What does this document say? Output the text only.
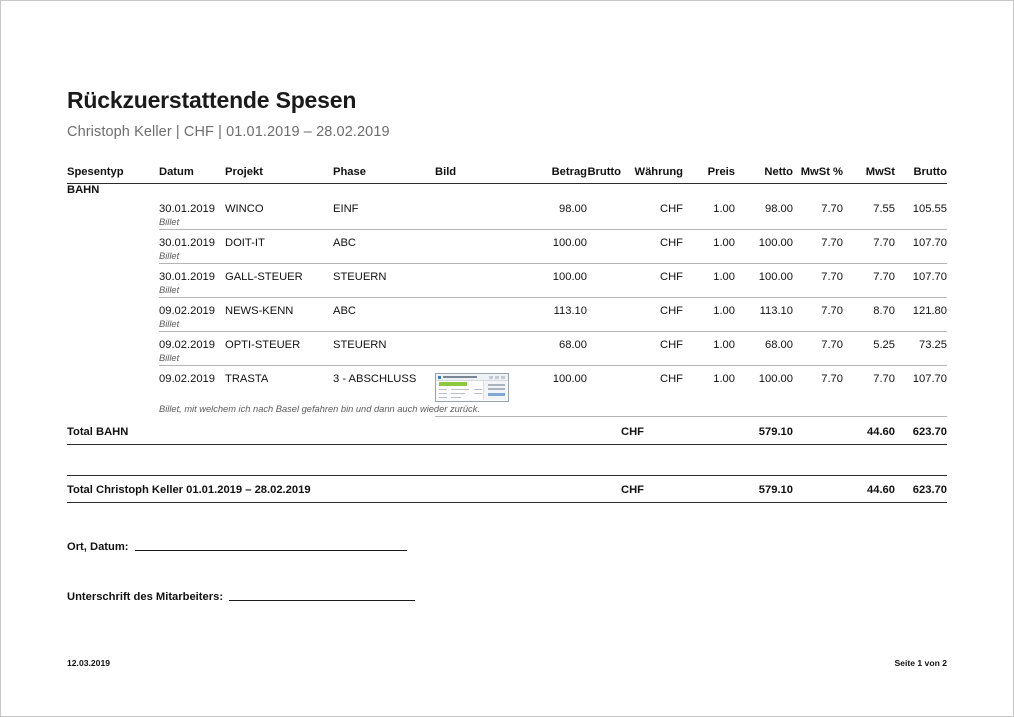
Rückzuerstattende Spesen
Christoph Keller | CHF | 01.01.2019 – 28.02.2019
Spesentyp	Datum	Projekt	Phase	Bild	Betrag	Brutto	Währung	Preis	Netto	MwSt %	MwSt	Brutto
BAHN												
	30.01.2019	WINCO	EINF		98.00		CHF	1.00	98.00	7.70	7.55	105.55
	Billet											
	30.01.2019	DOIT-IT	ABC		100.00		CHF	1.00	100.00	7.70	7.70	107.70
	Billet											
	30.01.2019	GALL-STEUER	STEUERN		100.00		CHF	1.00	100.00	7.70	7.70	107.70
	Billet											
	09.02.2019	NEWS-KENN	ABC		113.10		CHF	1.00	113.10	7.70	8.70	121.80
	Billet											
	09.02.2019	OPTI-STEUER	STEUERN		68.00		CHF	1.00	68.00	7.70	5.25	73.25
	Billet											
	09.02.2019	TRASTA	3 - ABSCHLUSS		100.00		CHF	1.00	100.00	7.70	7.70	107.70
	Billet, mit welchem ich nach Basel gefahren bin und dann auch wieder zurück.											
Total BAHN							CHF		579.10		44.60	623.70

Total Christoph Keller 01.01.2019 – 28.02.2019							CHF		579.10		44.60	623.70

Ort, Datum:
Unterschrift des Mitarbeiters:
12.03.2019	Seite 1 von 2
